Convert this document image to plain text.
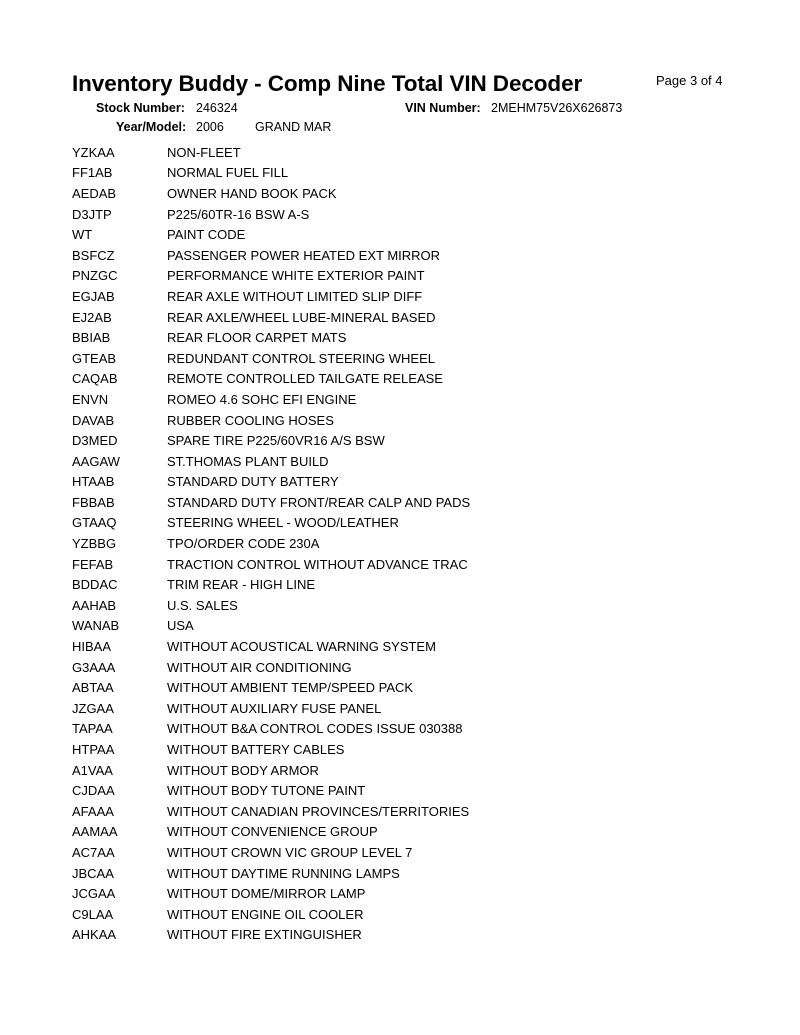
Inventory Buddy - Comp Nine Total VIN Decoder	Page 3 of 4
Stock Number: 246324	VIN Number: 2MEHM75V26X626873
Year/Model: 2006 GRAND MAR
YZKAA	NON-FLEET
FF1AB	NORMAL FUEL FILL
AEDAB	OWNER HAND BOOK PACK
D3JTP	P225/60TR-16 BSW A-S
WT	PAINT CODE
BSFCZ	PASSENGER POWER HEATED EXT MIRROR
PNZGC	PERFORMANCE WHITE EXTERIOR PAINT
EGJAB	REAR AXLE WITHOUT LIMITED SLIP DIFF
EJ2AB	REAR AXLE/WHEEL LUBE-MINERAL BASED
BBIAB	REAR FLOOR CARPET MATS
GTEAB	REDUNDANT CONTROL STEERING WHEEL
CAQAB	REMOTE CONTROLLED TAILGATE RELEASE
ENVN	ROMEO 4.6 SOHC EFI ENGINE
DAVAB	RUBBER COOLING HOSES
D3MED	SPARE TIRE P225/60VR16 A/S BSW
AAGAW	ST.THOMAS PLANT BUILD
HTAAB	STANDARD DUTY BATTERY
FBBAB	STANDARD DUTY FRONT/REAR CALP AND PADS
GTAAQ	STEERING WHEEL - WOOD/LEATHER
YZBBG	TPO/ORDER CODE 230A
FEFAB	TRACTION CONTROL WITHOUT ADVANCE TRAC
BDDAC	TRIM REAR - HIGH LINE
AAHAB	U.S. SALES
WANAB	USA
HIBAA	WITHOUT ACOUSTICAL WARNING SYSTEM
G3AAA	WITHOUT AIR CONDITIONING
ABTAA	WITHOUT AMBIENT TEMP/SPEED PACK
JZGAA	WITHOUT AUXILIARY FUSE PANEL
TAPAA	WITHOUT B&A CONTROL CODES ISSUE 030388
HTPAA	WITHOUT BATTERY CABLES
A1VAA	WITHOUT BODY ARMOR
CJDAA	WITHOUT BODY TUTONE PAINT
AFAAA	WITHOUT CANADIAN PROVINCES/TERRITORIES
AAMAA	WITHOUT CONVENIENCE GROUP
AC7AA	WITHOUT CROWN VIC GROUP LEVEL 7
JBCAA	WITHOUT DAYTIME RUNNING LAMPS
JCGAA	WITHOUT DOME/MIRROR LAMP
C9LAA	WITHOUT ENGINE OIL COOLER
AHKAA	WITHOUT FIRE EXTINGUISHER
